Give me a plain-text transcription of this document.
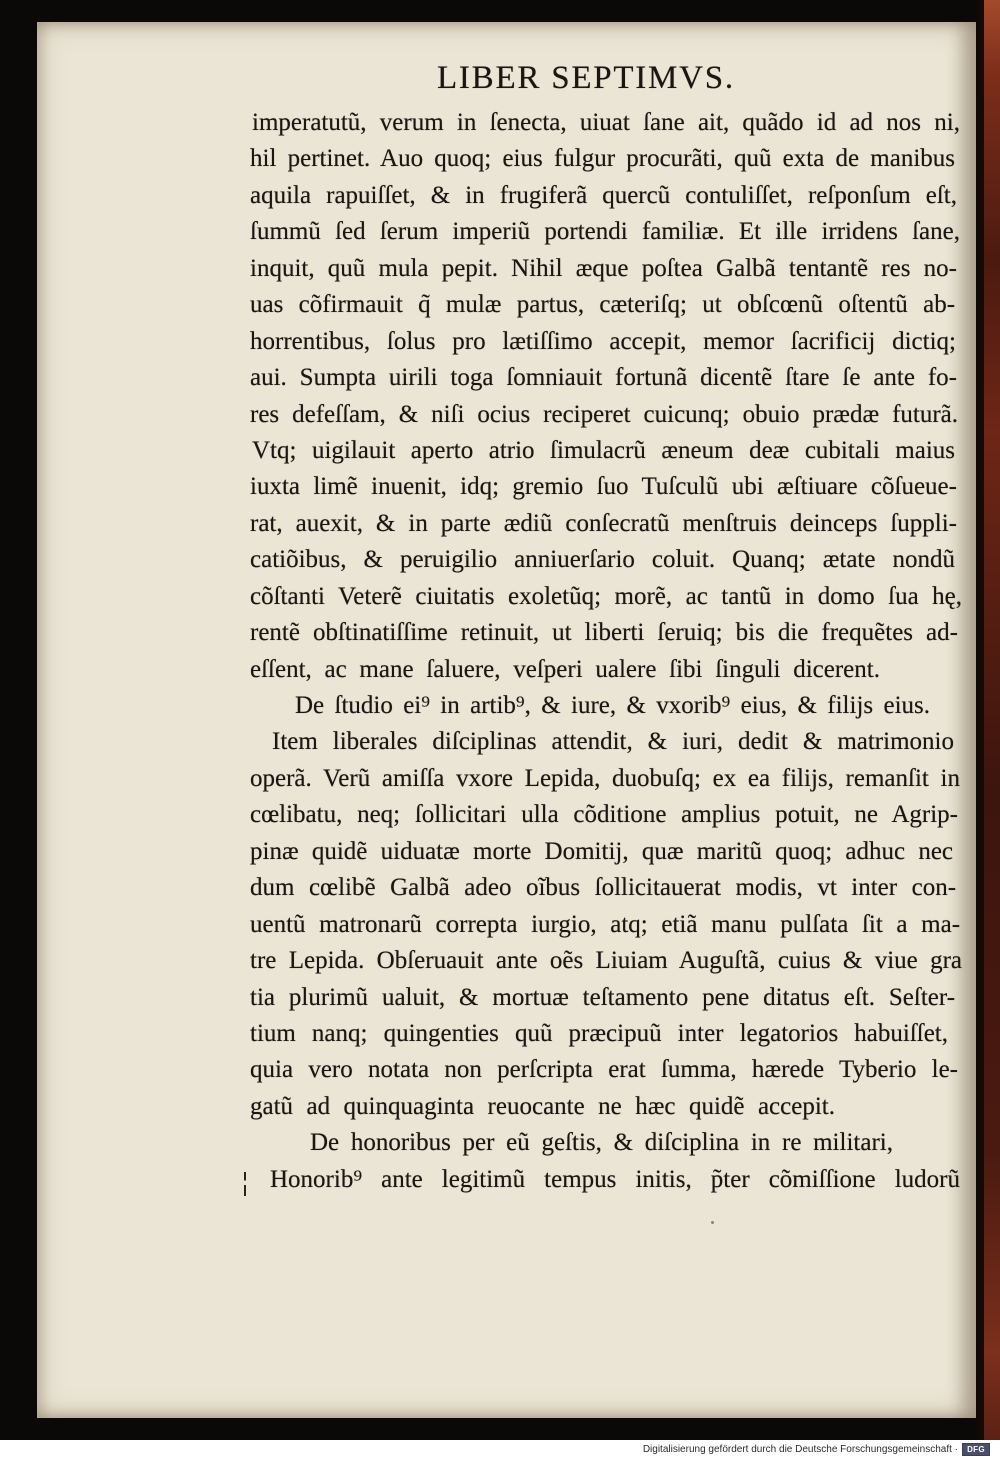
LIBER SEPTIMVS.
imperatutũ, verum in ſenecta, uiuat ſane ait, quãdo id ad nos ni,
hil pertinet. Auo quoq; eius fulgur procurãti, quũ exta de manibus
aquila rapuiſſet, & in frugiferã quercũ contuliſſet, reſponſum eſt,
ſummũ ſed ſerum imperiũ portendi familiæ. Et ille irridens ſane,
inquit, quũ mula pepit. Nihil æque poſtea Galbã tentantẽ res no-
uas cõfirmauit q̃ mulæ partus, cæteriſq; ut obſcœnũ oſtentũ ab-
horrentibus, ſolus pro lætiſſimo accepit, memor ſacrificij dictiq;
aui. Sumpta uirili toga ſomniauit fortunã dicentẽ ſtare ſe ante fo-
res defeſſam, & niſi ocius reciperet cuicunq; obuio prædæ futurã.
Vtq; uigilauit aperto atrio ſimulacrũ æneum deæ cubitali maius
iuxta limẽ inuenit, idq; gremio ſuo Tuſculũ ubi æſtiuare cõſueue-
rat, auexit, & in parte ædiũ conſecratũ menſtruis deinceps ſuppli-
catiõibus, & peruigilio anniuerſario coluit. Quanq; ætate nondũ
cõſtanti Veterẽ ciuitatis exoletũq; morẽ, ac tantũ in domo ſua hę,
rentẽ obſtinatiſſime retinuit, ut liberti ſeruiq; bis die frequẽtes ad-
eſſent, ac mane ſaluere, veſperi ualere ſibi ſinguli dicerent.
De ſtudio ei⁹ in artib⁹, & iure, & vxorib⁹ eius, & filijs eius.
Item liberales diſciplinas attendit, & iuri, dedit & matrimonio
operã. Verũ amiſſa vxore Lepida, duobuſq; ex ea filijs, remanſit in
cœlibatu, neq; ſollicitari ulla cõditione amplius potuit, ne Agrip-
pinæ quidẽ uiduatæ morte Domitij, quæ maritũ quoq; adhuc nec
dum cœlibẽ Galbã adeo oĩbus ſollicitauerat modis, vt inter con-
uentũ matronarũ correpta iurgio, atq; etiã manu pulſata ſit a ma-
tre Lepida. Obſeruauit ante oẽs Liuiam Auguſtã, cuius & viue gra
tia plurimũ ualuit, & mortuæ teſtamento pene ditatus eſt. Seſter-
tium nanq; quingenties quũ præcipuũ inter legatorios habuiſſet,
quia vero notata non perſcripta erat ſumma, hærede Tyberio le-
gatũ ad quinquaginta reuocante ne hæc quidẽ accepit.
De honoribus per eũ geſtis, & diſciplina in re militari,
Honorib⁹ ante legitimũ tempus initis, p̃ter cõmiſſione ludorũ
Digitalisierung gefördert durch die Deutsche Forschungsgemeinschaft ·	DFG
